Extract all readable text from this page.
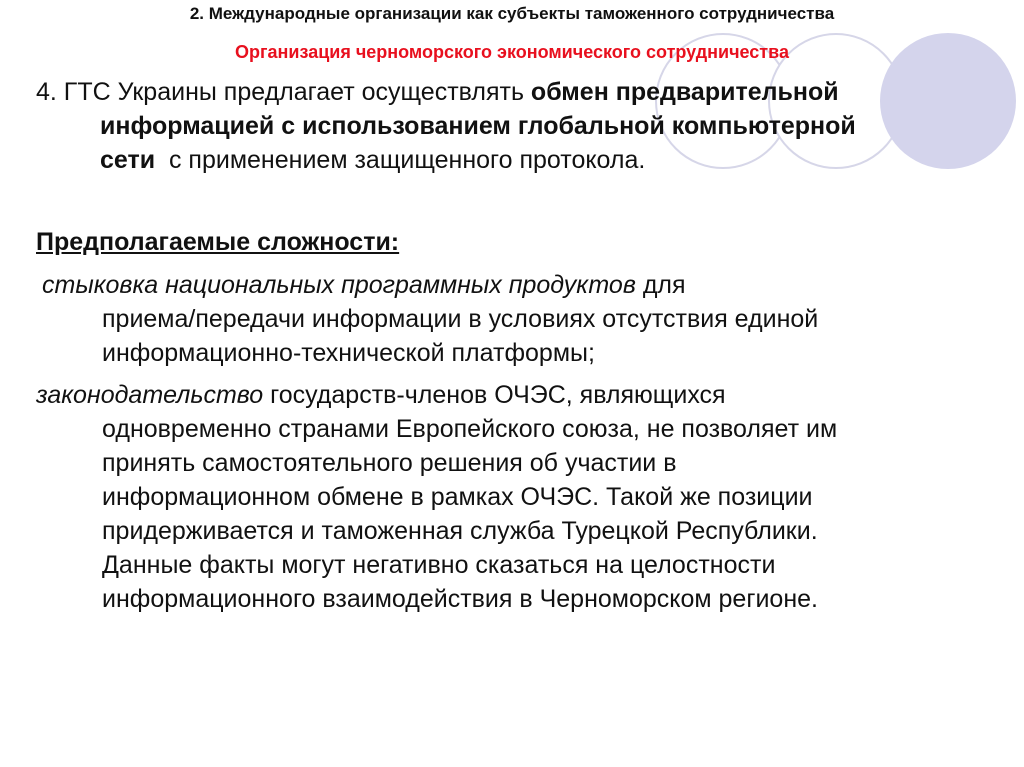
2. Международные организации как субъекты таможенного сотрудничества
Организация черноморского экономического сотрудничества
4. ГТС Украины предлагает осуществлять обмен предварительной
информацией с использованием глобальной компьютерной
сети  с применением защищенного протокола.
Предполагаемые сложности:
стыковка национальных программных продуктов для
приема/передачи информации в условиях отсутствия единой
информационно-технической платформы;
законодательство государств-членов ОЧЭС, являющихся
одновременно странами Европейского союза, не позволяет им
принять самостоятельного решения об участии в
информационном обмене в рамках ОЧЭС. Такой же позиции
придерживается и таможенная служба Турецкой Республики.
Данные факты могут негативно сказаться на целостности
информационного взаимодействия в Черноморском регионе.
